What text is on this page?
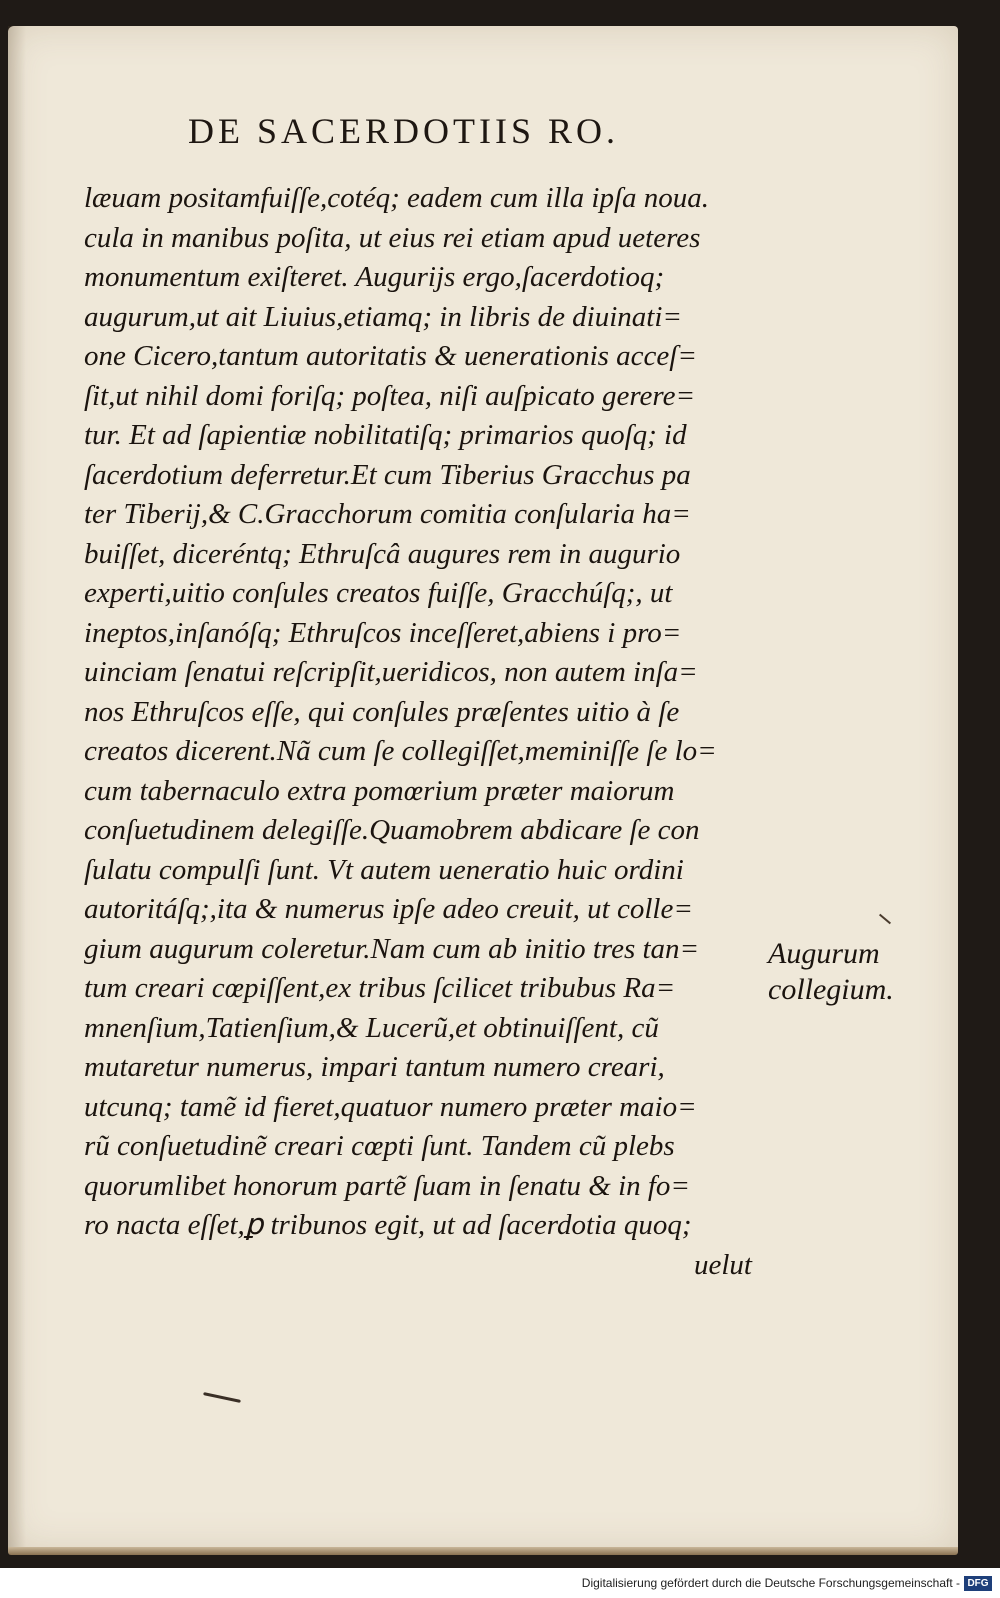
DE SACERDOTIIS RO.
læuam positamfuiſſe,cotéq; eadem cum illa ipſa noua.
cula in manibus poſita, ut eius rei etiam apud ueteres
monumentum exiſteret. Augurijs ergo,ſacerdotioq;
augurum,ut ait Liuius,etiamq; in libris de diuinati=
one Cicero,tantum autoritatis & uenerationis acceſ=
ſit,ut nihil domi foriſq; poſtea, niſi auſpicato gerere=
tur. Et ad ſapientiæ nobilitatiſq; primarios quoſq; id
ſacerdotium deferretur.Et cum Tiberius Gracchus pa
ter Tiberij,& C.Gracchorum comitia conſularia ha=
buiſſet, diceréntq; Ethruſcâ augures rem in augurio
experti,uitio conſules creatos fuiſſe, Gracchúſq;, ut
ineptos,inſanóſq; Ethruſcos inceſſeret,abiens i pro=
uinciam ſenatui reſcripſit,ueridicos, non autem inſa=
nos Ethruſcos eſſe, qui conſules præſentes uitio à ſe
creatos dicerent.Nã cum ſe collegiſſet,meminiſſe ſe lo=
cum tabernaculo extra pomœrium præter maiorum
conſuetudinem delegiſſe.Quamobrem abdicare ſe con
ſulatu compulſi ſunt. Vt autem ueneratio huic ordini
autoritáſq;,ita & numerus ipſe adeo creuit, ut colle=
gium augurum coleretur.Nam cum ab initio tres tan=
tum creari cœpiſſent,ex tribus ſcilicet tribubus Ra=
mnenſium,Tatienſium,& Lucerũ,et obtinuiſſent, cũ
mutaretur numerus, impari tantum numero creari,
utcunq; tamẽ id fieret,quatuor numero præter maio=
rũ conſuetudinẽ creari cœpti ſunt. Tandem cũ plebs
quorumlibet honorum partẽ ſuam in ſenatu & in fo=
ro nacta eſſet,ꝑ tribunos egit, ut ad ſacerdotia quoq;
uelut
Augurum
collegium.
Digitalisierung gefördert durch die Deutsche Forschungsgemeinschaft - DFG
